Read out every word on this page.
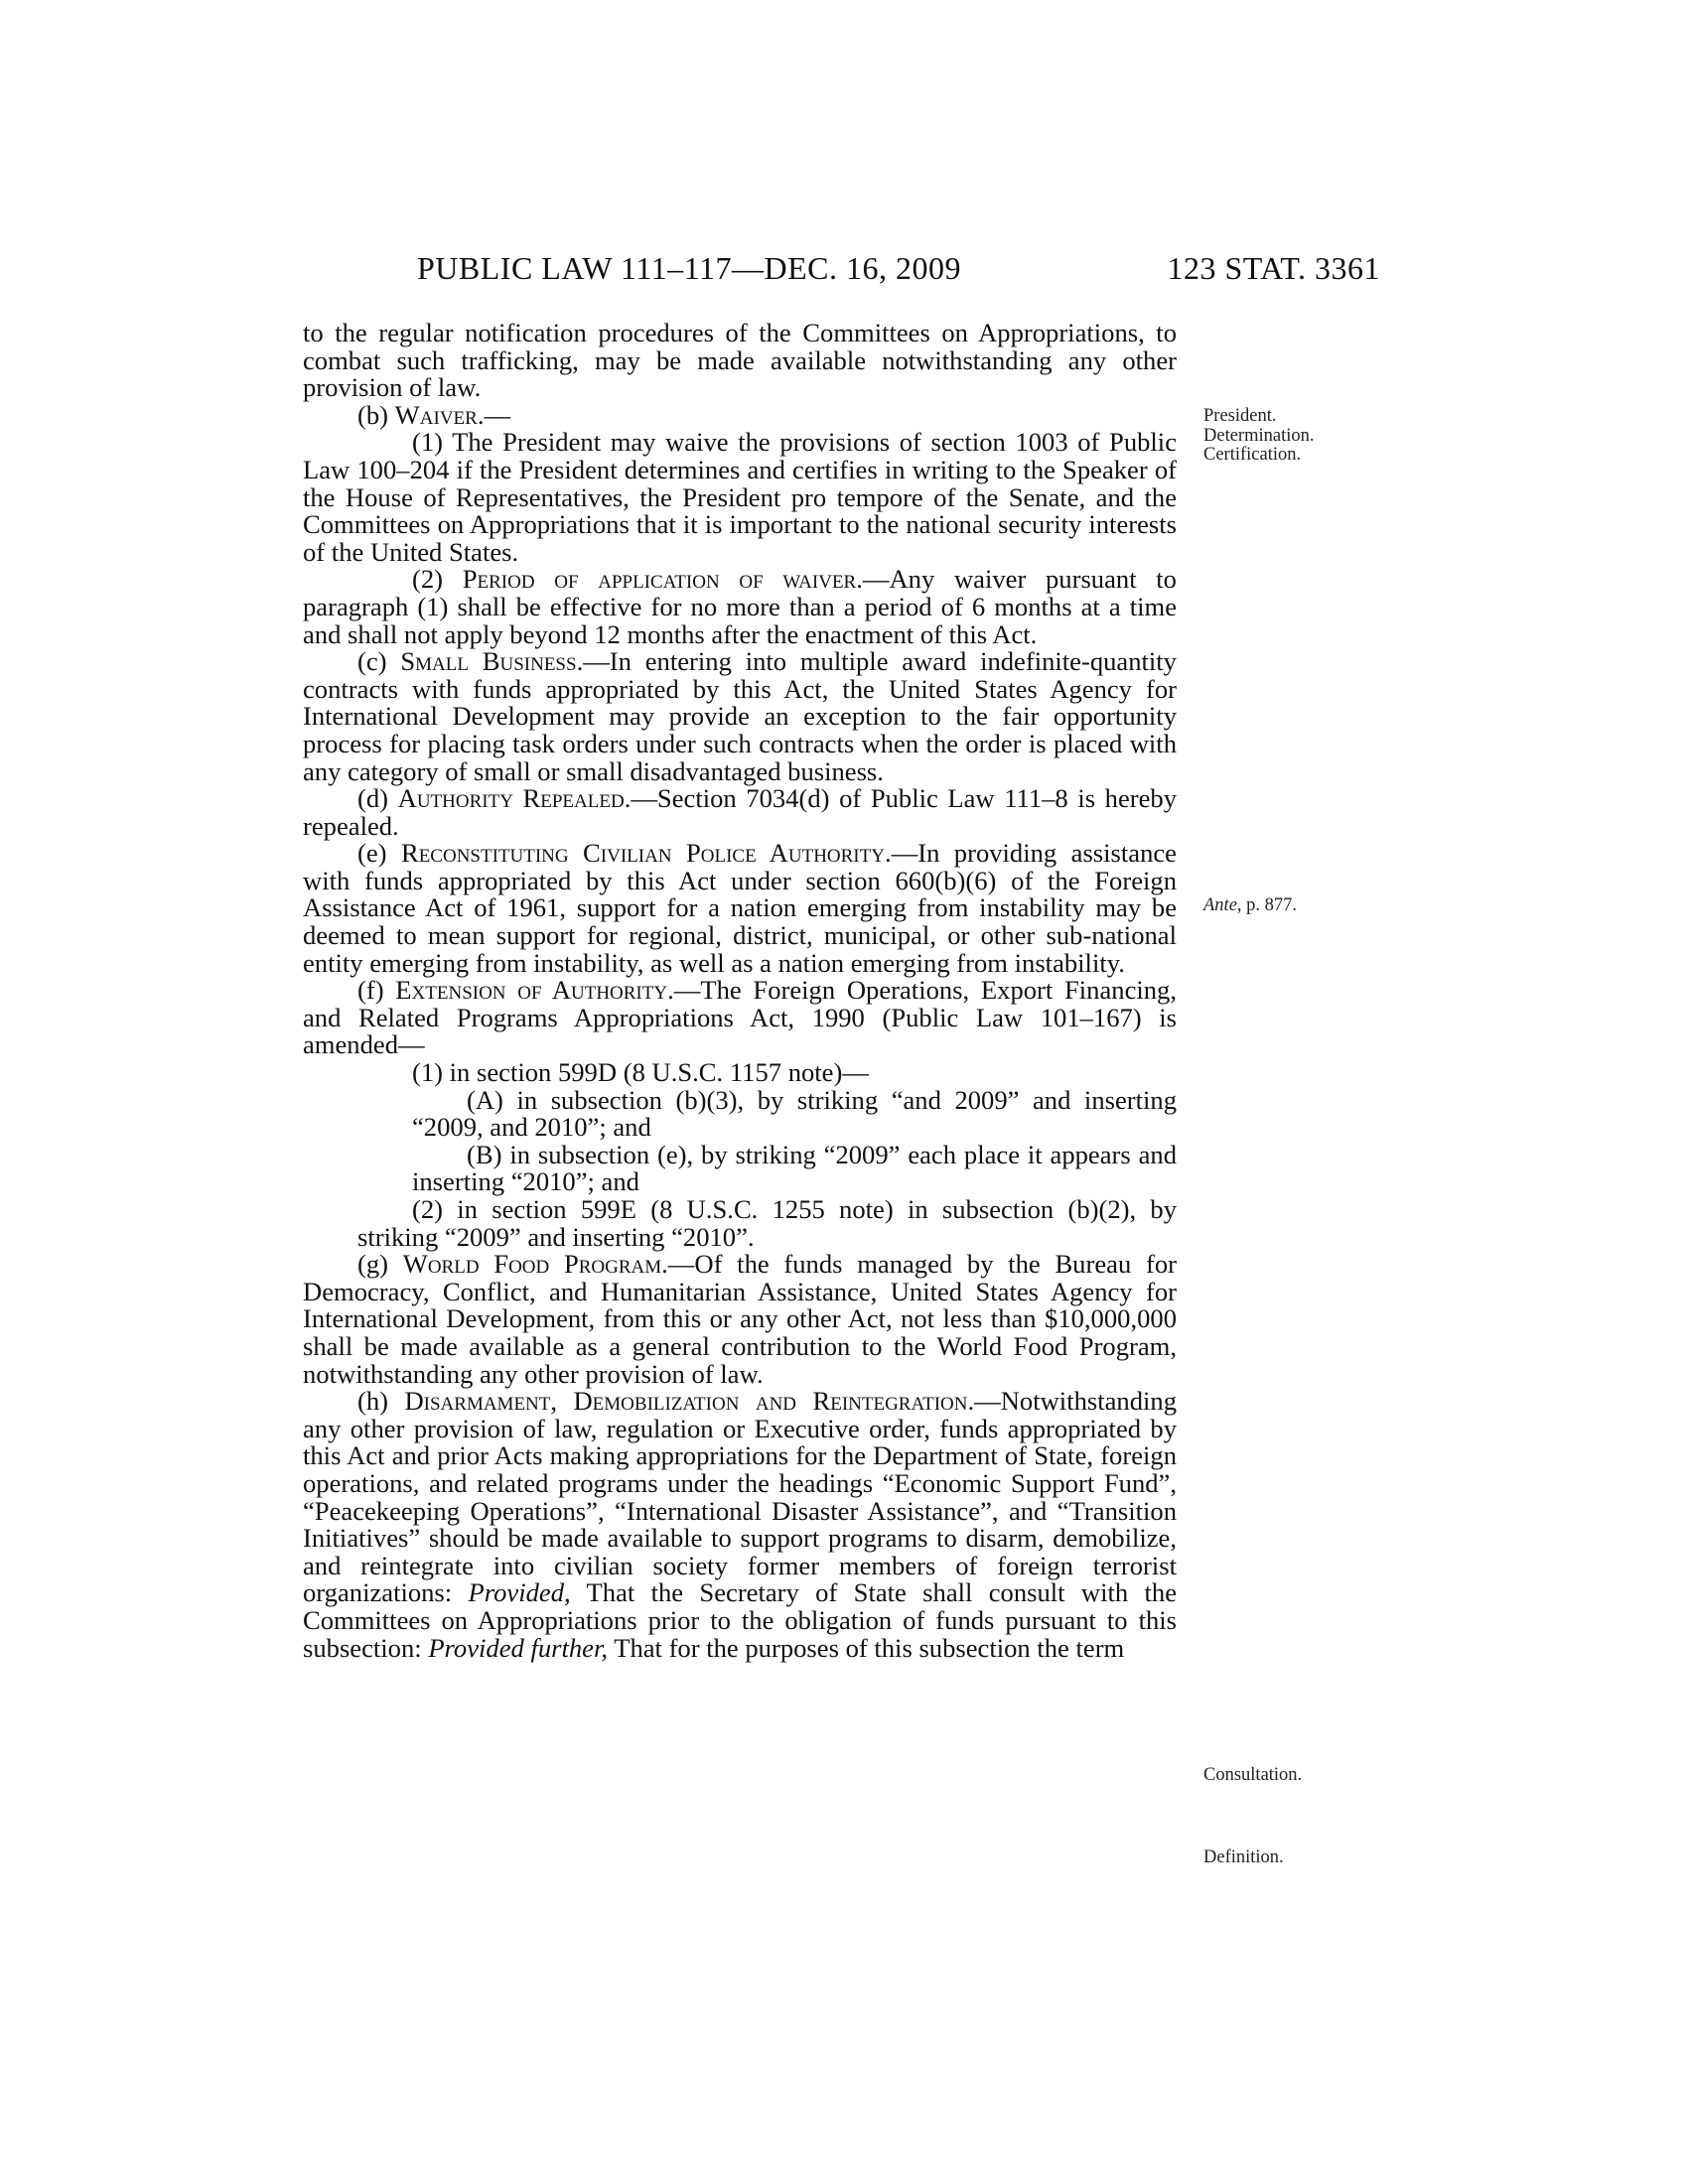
PUBLIC LAW 111–117—DEC. 16, 2009	123 STAT. 3361

to the regular notification procedures of the Committees on Appropriations, to combat such trafficking, may be made available notwithstanding any other provision of law.

(b) Waiver.—

(1) The President may waive the provisions of section 1003 of Public Law 100–204 if the President determines and certifies in writing to the Speaker of the House of Representatives, the President pro tempore of the Senate, and the Committees on Appropriations that it is important to the national security interests of the United States.

(2) Period of application of waiver.—Any waiver pursuant to paragraph (1) shall be effective for no more than a period of 6 months at a time and shall not apply beyond 12 months after the enactment of this Act.

(c) Small Business.—In entering into multiple award indefinite-quantity contracts with funds appropriated by this Act, the United States Agency for International Development may provide an exception to the fair opportunity process for placing task orders under such contracts when the order is placed with any category of small or small disadvantaged business.

(d) Authority Repealed.—Section 7034(d) of Public Law 111–8 is hereby repealed.

(e) Reconstituting Civilian Police Authority.—In providing assistance with funds appropriated by this Act under section 660(b)(6) of the Foreign Assistance Act of 1961, support for a nation emerging from instability may be deemed to mean support for regional, district, municipal, or other sub-national entity emerging from instability, as well as a nation emerging from instability.

(f) Extension of Authority.—The Foreign Operations, Export Financing, and Related Programs Appropriations Act, 1990 (Public Law 101–167) is amended—

(1) in section 599D (8 U.S.C. 1157 note)—

(A) in subsection (b)(3), by striking “and 2009” and inserting “2009, and 2010”; and

(B) in subsection (e), by striking “2009” each place it appears and inserting “2010”; and

(2) in section 599E (8 U.S.C. 1255 note) in subsection (b)(2), by striking “2009” and inserting “2010”.

(g) World Food Program.—Of the funds managed by the Bureau for Democracy, Conflict, and Humanitarian Assistance, United States Agency for International Development, from this or any other Act, not less than $10,000,000 shall be made available as a general contribution to the World Food Program, notwithstanding any other provision of law.

(h) Disarmament, Demobilization and Reintegration.—Notwithstanding any other provision of law, regulation or Executive order, funds appropriated by this Act and prior Acts making appropriations for the Department of State, foreign operations, and related programs under the headings “Economic Support Fund”, “Peacekeeping Operations”, “International Disaster Assistance”, and “Transition Initiatives” should be made available to support programs to disarm, demobilize, and reintegrate into civilian society former members of foreign terrorist organizations: Provided, That the Secretary of State shall consult with the Committees on Appropriations prior to the obligation of funds pursuant to this subsection: Provided further, That for the purposes of this subsection the term

President.
Determination.
Certification.
Ante, p. 877.
Consultation.
Definition.
